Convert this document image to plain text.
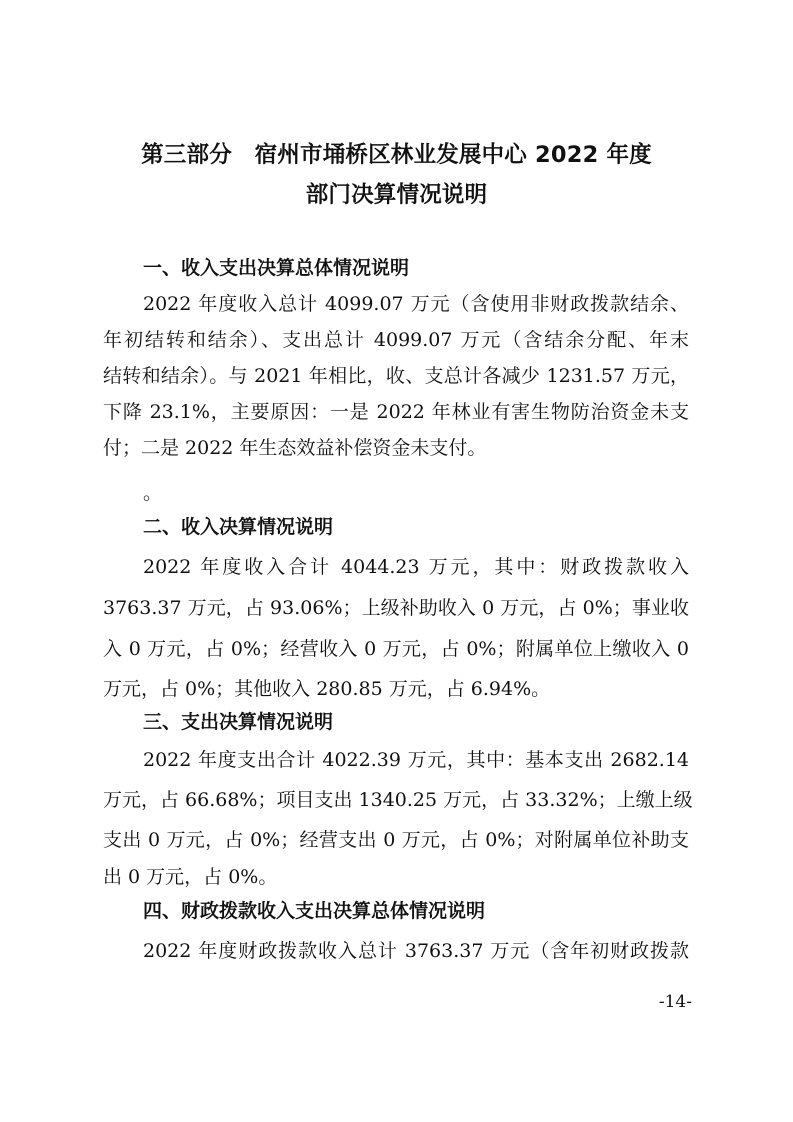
第三部分　宿州市埇桥区林业发展中心 2022 年度
部门决算情况说明
一、收入支出决算总体情况说明
2022 年度收入总计 4099.07 万元（含使用非财政拨款结余、
年初结转和结余）、支出总计 4099.07 万元（含结余分配、年末
结转和结余）。与 2021 年相比，收、支总计各减少 1231.57 万元，
下降 23.1%，主要原因：一是 2022 年林业有害生物防治资金未支
付；二是 2022 年生态效益补偿资金未支付。
。
二、收入决算情况说明
2022 年度收入合计 4044.23 万元，其中：财政拨款收入
3763.37 万元，占 93.06%；上级补助收入 0 万元，占 0%；事业收
入 0 万元，占 0%；经营收入 0 万元，占 0%；附属单位上缴收入 0
万元，占 0%；其他收入 280.85 万元，占 6.94%。
三、支出决算情况说明
2022 年度支出合计 4022.39 万元，其中：基本支出 2682.14
万元，占 66.68%；项目支出 1340.25 万元，占 33.32%；上缴上级
支出 0 万元，占 0%；经营支出 0 万元，占 0%；对附属单位补助支
出 0 万元，占 0%。
四、财政拨款收入支出决算总体情况说明
2022 年度财政拨款收入总计 3763.37 万元（含年初财政拨款
-14-
